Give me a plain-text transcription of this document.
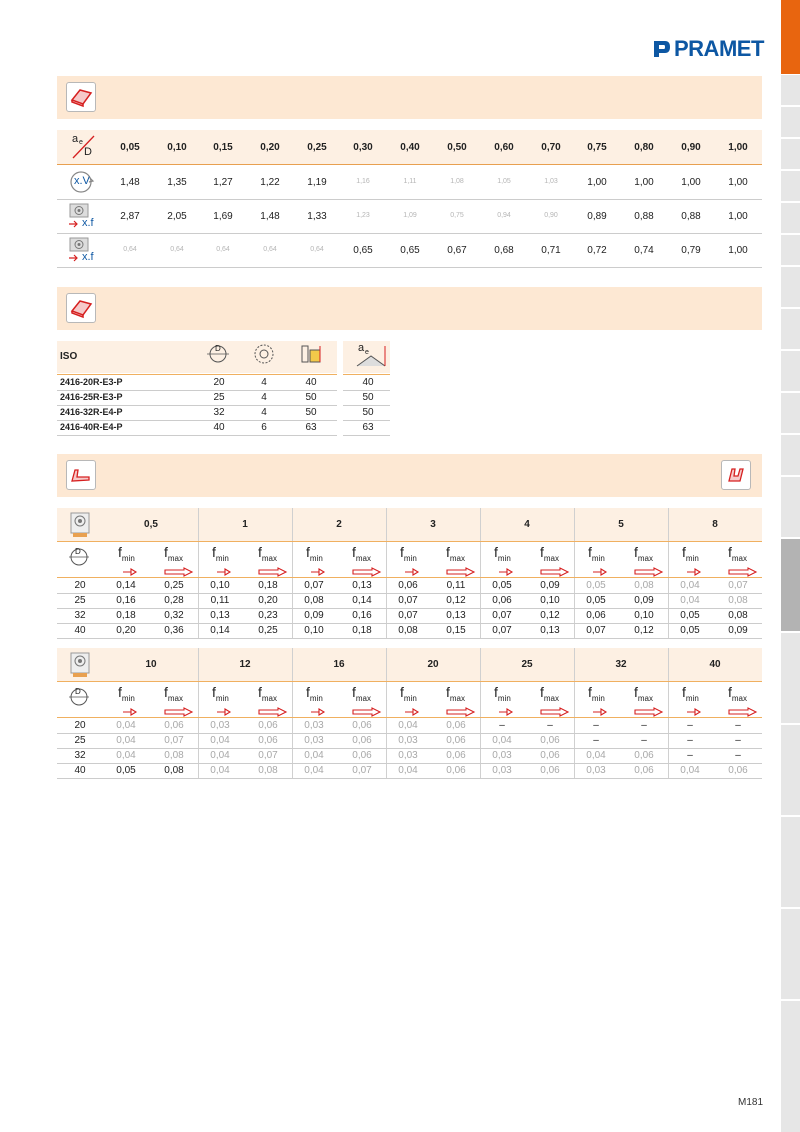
PRAMET
a e
D	0,05	0,10	0,15	0,20	0,25	0,30	0,40	0,50	0,60	0,70	0,75	0,80	0,90	1,00
x.V	1,48	1,35	1,27	1,22	1,19	1,16	1,11	1,08	1,05	1,03	1,00	1,00	1,00	1,00
x.f
2,87	2,05	1,69	1,48	1,33	1,23	1,09	0,75	0,94	0,90	0,89	0,88	0,88	1,00
x.f
0,64	0,64	0,64	0,64	0,64	0,65	0,65	0,67	0,68	0,71	0,72	0,74	0,79	1,00
ISO
D	a e
2416-20R-E3-P	20	4	40	40
2416-25R-E3-P	25	4	50	50
2416-32R-E4-P	32	4	50	50
2416-40R-E4-P	40	6	63	63
0,5	1	2	3	4	5	8
D	$f_{min}$ $f_{max}$ $f_{min}$ $f_{max}$ $f_{min}$ $f_{max}$ $f_{min}$ $f_{max}$ $f_{min}$ $f_{max}$ $f_{min}$ $f_{max}$ $f_{min}$ $f_{max}$
20	0,14	0,25	0,10	0,18	0,07	0,13	0,06	0,11	0,05	0,09	0,05	0,08	0,04	0,07
25	0,16	0,28	0,11	0,20	0,08	0,14	0,07	0,12	0,06	0,10	0,05	0,09	0,04	0,08
32	0,18	0,32	0,13	0,23	0,09	0,16	0,07	0,13	0,07	0,12	0,06	0,10	0,05	0,08
40	0,20	0,36	0,14	0,25	0,10	0,18	0,08	0,15	0,07	0,13	0,07	0,12	0,05	0,09
10	12	16	20	25	32	40
D	$f_{min}$ $f_{max}$ $f_{min}$ $f_{max}$ $f_{min}$ $f_{max}$ $f_{min}$ $f_{max}$ $f_{min}$ $f_{max}$ $f_{min}$ $f_{max}$ $f_{min}$ $f_{max}$
20	0,04	0,06	0,03	0,06	0,03	0,06	0,04	0,06	–	–	–	–	–	–
25	0,04	0,07	0,04	0,06	0,03	0,06	0,03	0,06	0,04	0,06	–	–	–	–
32	0,04	0,08	0,04	0,07	0,04	0,06	0,03	0,06	0,03	0,06	0,04	0,06	–	–
40	0,05	0,08	0,04	0,08	0,04	0,07	0,04	0,06	0,03	0,06	0,03	0,06	0,04	0,06
M181
